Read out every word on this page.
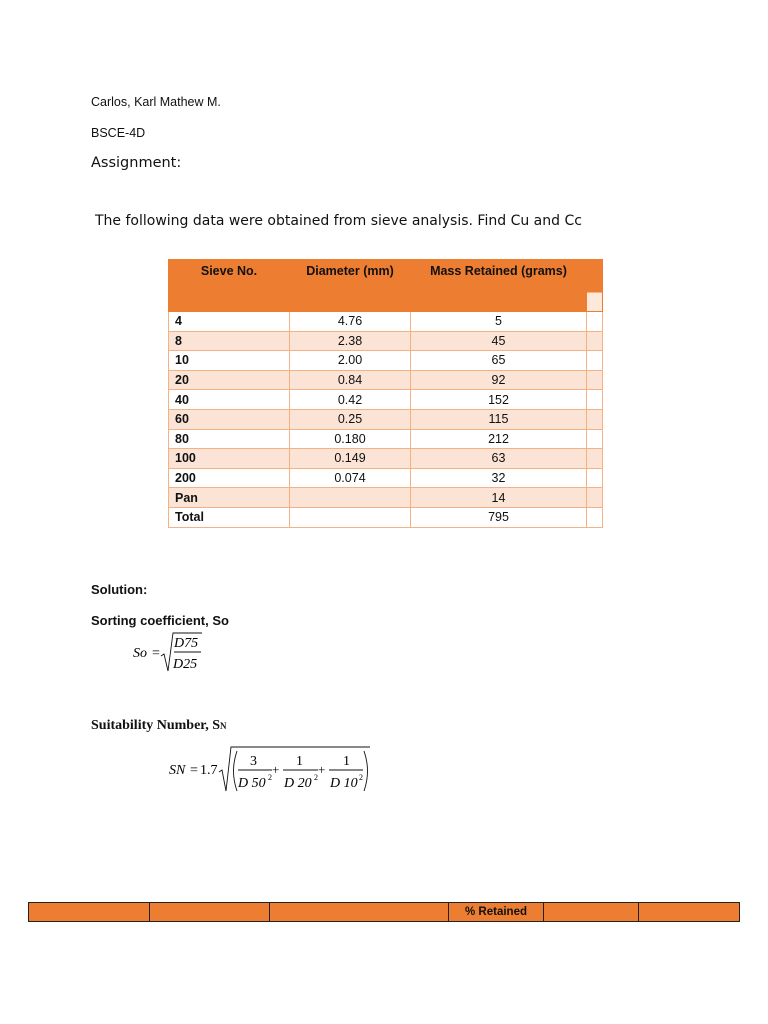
Carlos, Karl Mathew M.
BSCE-4D
Assignment:
The following data were obtained from sieve analysis. Find Cu and Cc
Sieve No.	Diameter (mm)	Mass Retained (grams)	

4	4.76	5	
8	2.38	45	
10	2.00	65	
20	0.84	92	
40	0.42	152	
60	0.25	115	
80	0.180	212	
100	0.149	63	
200	0.074	32	
Pan		14	
Total		795	
Solution:
Sorting coefficient, So
So =
D75
D25
Suitability Number, SN
SN = 1.7
3
D 50 2
+
1
D 20 2
+
1
D 10 2
			% Retained		
